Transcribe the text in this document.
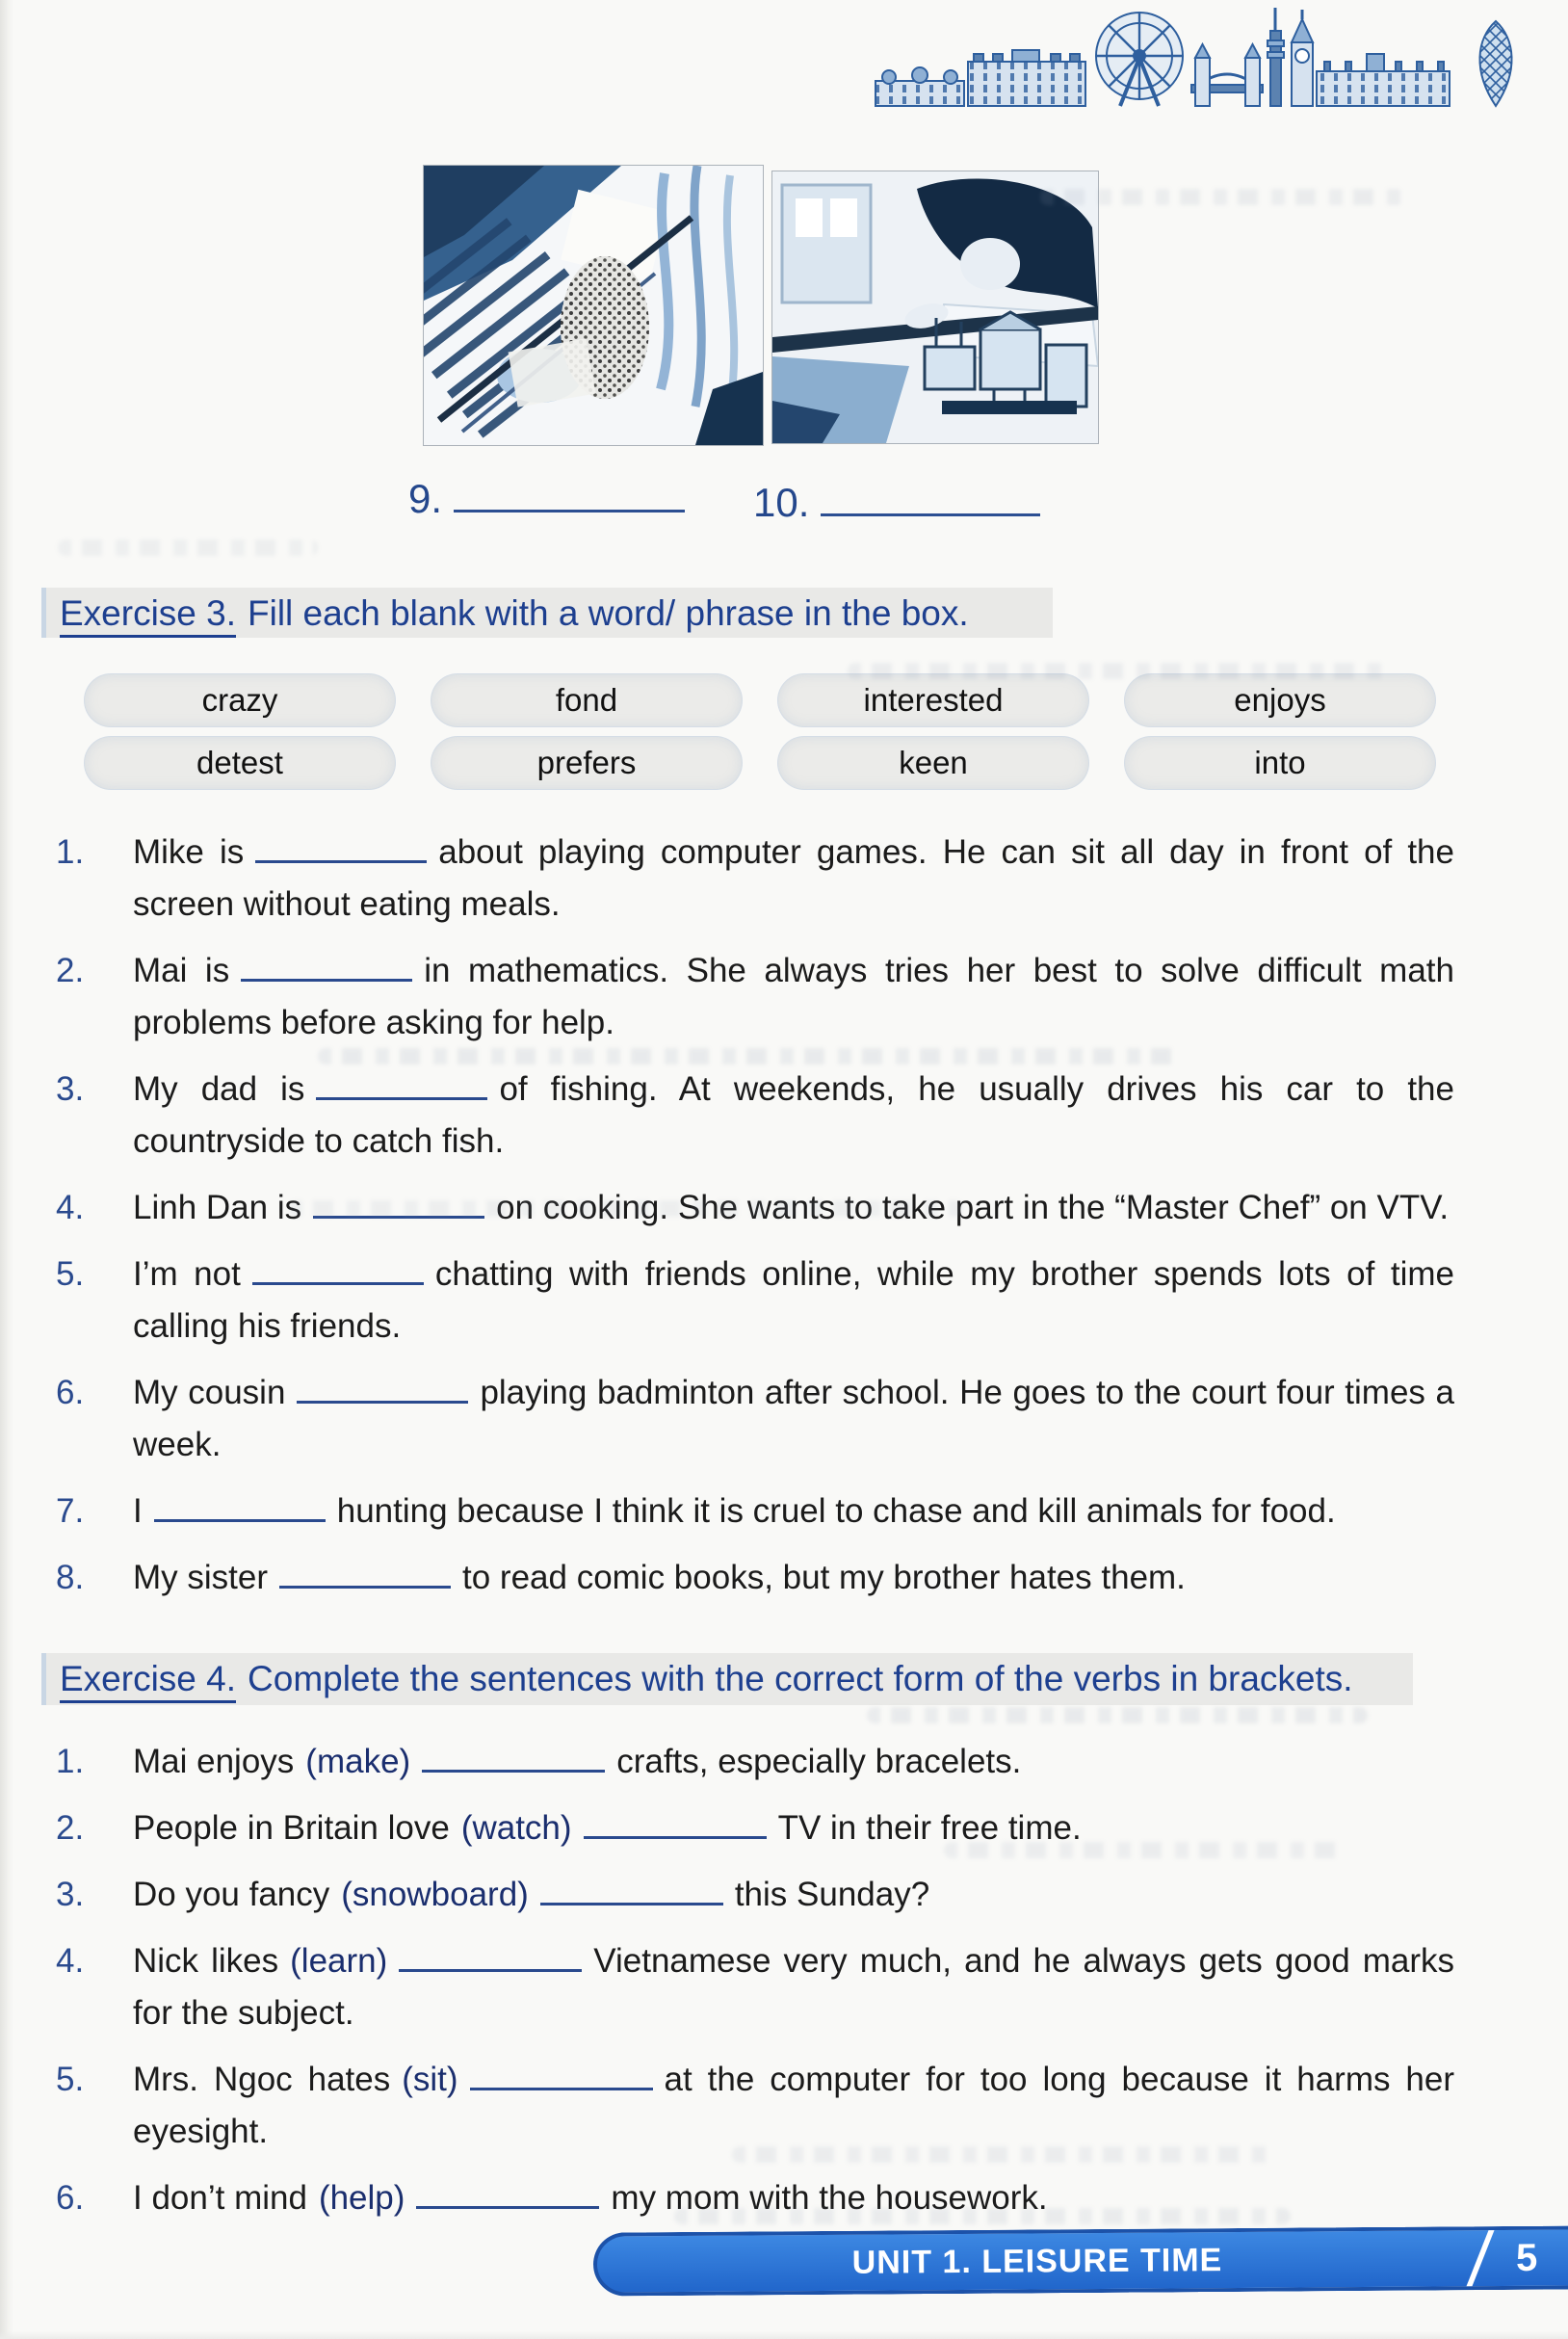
9.	10.
Exercise 3. Fill each blank with a word/ phrase in the box.
crazy	fond	interested	enjoys
detest	prefers	keen	into
1.	Mike is	about playing computer games. He can sit all day in front of the screen without eating meals.
2.	Mai is	in mathematics. She always tries her best to solve difficult math problems before asking for help.
3.	My dad is	of fishing. At weekends, he usually drives his car to the countryside to catch fish.
4.	Linh Dan is	on cooking. She wants to take part in the “Master Chef” on VTV.
5.	I’m not	chatting with friends online, while my brother spends lots of time calling his friends.
6.	My cousin	playing badminton after school. He goes to the court four times a week.
7.	I	hunting because I think it is cruel to chase and kill animals for food.
8.	My sister	to read comic books, but my brother hates them.
Exercise 4. Complete the sentences with the correct form of the verbs in brackets.
1.	Mai enjoys (make)	crafts, especially bracelets.
2.	People in Britain love (watch)	TV in their free time.
3.	Do you fancy (snowboard)	this Sunday?
4.	Nick likes (learn)	Vietnamese very much, and he always gets good marks for the subject.
5.	Mrs. Ngoc hates (sit)	at the computer for too long because it harms her eyesight.
6.	I don’t mind (help)	my mom with the housework.
UNIT 1. LEISURE TIME	5
